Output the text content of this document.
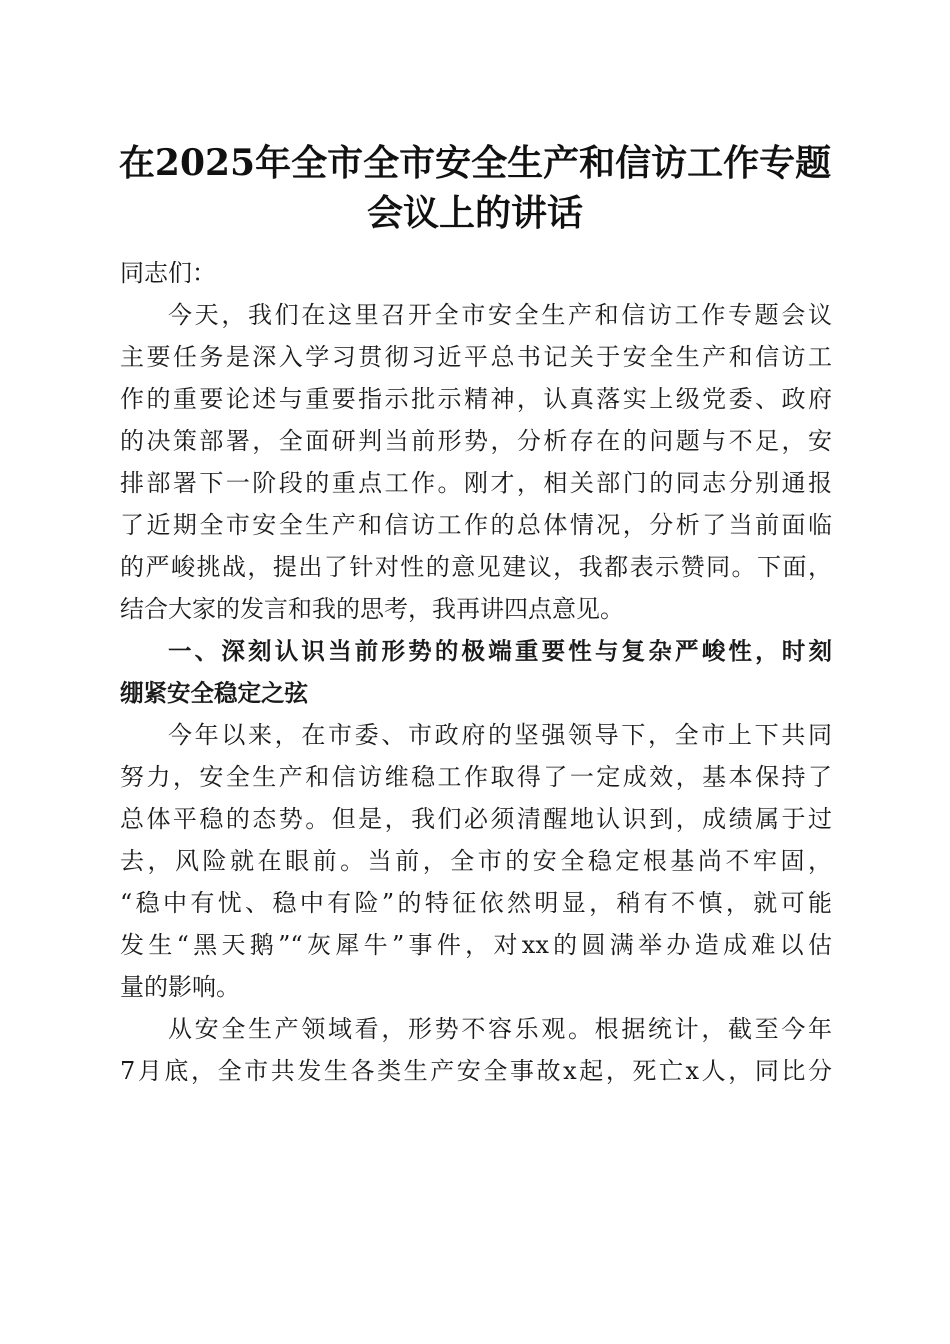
在2025年全市全市安全生产和信访工作专题
会议上的讲话
同志们：
今天，我们在这里召开全市安全生产和信访工作专题会议
主要任务是深入学习贯彻习近平总书记关于安全生产和信访工
作的重要论述与重要指示批示精神，认真落实上级党委、政府
的决策部署，全面研判当前形势，分析存在的问题与不足，安
排部署下一阶段的重点工作。刚才，相关部门的同志分别通报
了近期全市安全生产和信访工作的总体情况，分析了当前面临
的严峻挑战，提出了针对性的意见建议，我都表示赞同。下面，
结合大家的发言和我的思考，我再讲四点意见。
一、深刻认识当前形势的极端重要性与复杂严峻性，时刻
绷紧安全稳定之弦
今年以来，在市委、市政府的坚强领导下，全市上下共同
努力，安全生产和信访维稳工作取得了一定成效，基本保持了
总体平稳的态势。但是，我们必须清醒地认识到，成绩属于过
去，风险就在眼前。当前，全市的安全稳定根基尚不牢固，
“稳中有忧、稳中有险”的特征依然明显，稍有不慎，就可能
发生“黑天鹅”“灰犀牛”事件，对xx的圆满举办造成难以估
量的影响。
从安全生产领域看，形势不容乐观。根据统计，截至今年
7月底，全市共发生各类生产安全事故x起，死亡x人，同比分
